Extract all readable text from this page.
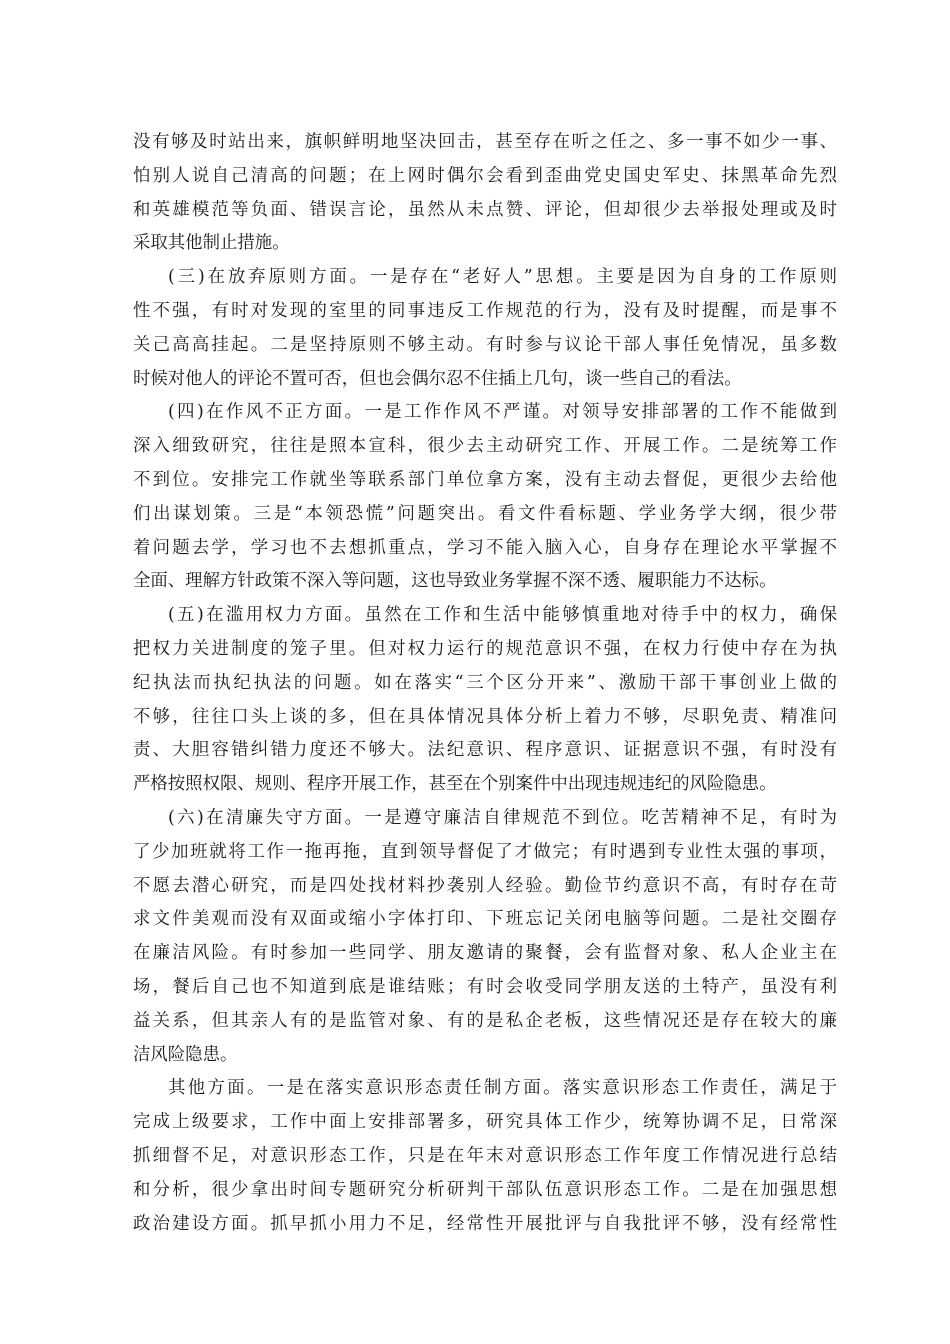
没有够及时站出来，旗帜鲜明地坚决回击，甚至存在听之任之、多一事不如少一事、
怕别人说自己清高的问题；在上网时偶尔会看到歪曲党史国史军史、抹黑革命先烈
和英雄模范等负面、错误言论，虽然从未点赞、评论，但却很少去举报处理或及时
采取其他制止措施。
(三)在放弃原则方面。一是存在“老好人”思想。主要是因为自身的工作原则
性不强，有时对发现的室里的同事违反工作规范的行为，没有及时提醒，而是事不
关己高高挂起。二是坚持原则不够主动。有时参与议论干部人事任免情况，虽多数
时候对他人的评论不置可否，但也会偶尔忍不住插上几句，谈一些自己的看法。
(四)在作风不正方面。一是工作作风不严谨。对领导安排部署的工作不能做到
深入细致研究，往往是照本宣科，很少去主动研究工作、开展工作。二是统筹工作
不到位。安排完工作就坐等联系部门单位拿方案，没有主动去督促，更很少去给他
们出谋划策。三是“本领恐慌”问题突出。看文件看标题、学业务学大纲，很少带
着问题去学，学习也不去想抓重点，学习不能入脑入心，自身存在理论水平掌握不
全面、理解方针政策不深入等问题，这也导致业务掌握不深不透、履职能力不达标。
(五)在滥用权力方面。虽然在工作和生活中能够慎重地对待手中的权力，确保
把权力关进制度的笼子里。但对权力运行的规范意识不强，在权力行使中存在为执
纪执法而执纪执法的问题。如在落实“三个区分开来”、激励干部干事创业上做的
不够，往往口头上谈的多，但在具体情况具体分析上着力不够，尽职免责、精准问
责、大胆容错纠错力度还不够大。法纪意识、程序意识、证据意识不强，有时没有
严格按照权限、规则、程序开展工作，甚至在个别案件中出现违规违纪的风险隐患。
(六)在清廉失守方面。一是遵守廉洁自律规范不到位。吃苦精神不足，有时为
了少加班就将工作一拖再拖，直到领导督促了才做完；有时遇到专业性太强的事项，
不愿去潜心研究，而是四处找材料抄袭别人经验。勤俭节约意识不高，有时存在苛
求文件美观而没有双面或缩小字体打印、下班忘记关闭电脑等问题。二是社交圈存
在廉洁风险。有时参加一些同学、朋友邀请的聚餐，会有监督对象、私人企业主在
场，餐后自己也不知道到底是谁结账；有时会收受同学朋友送的土特产，虽没有利
益关系，但其亲人有的是监管对象、有的是私企老板，这些情况还是存在较大的廉
洁风险隐患。
其他方面。一是在落实意识形态责任制方面。落实意识形态工作责任，满足于
完成上级要求，工作中面上安排部署多，研究具体工作少，统筹协调不足，日常深
抓细督不足，对意识形态工作，只是在年末对意识形态工作年度工作情况进行总结
和分析，很少拿出时间专题研究分析研判干部队伍意识形态工作。二是在加强思想
政治建设方面。抓早抓小用力不足，经常性开展批评与自我批评不够，没有经常性
